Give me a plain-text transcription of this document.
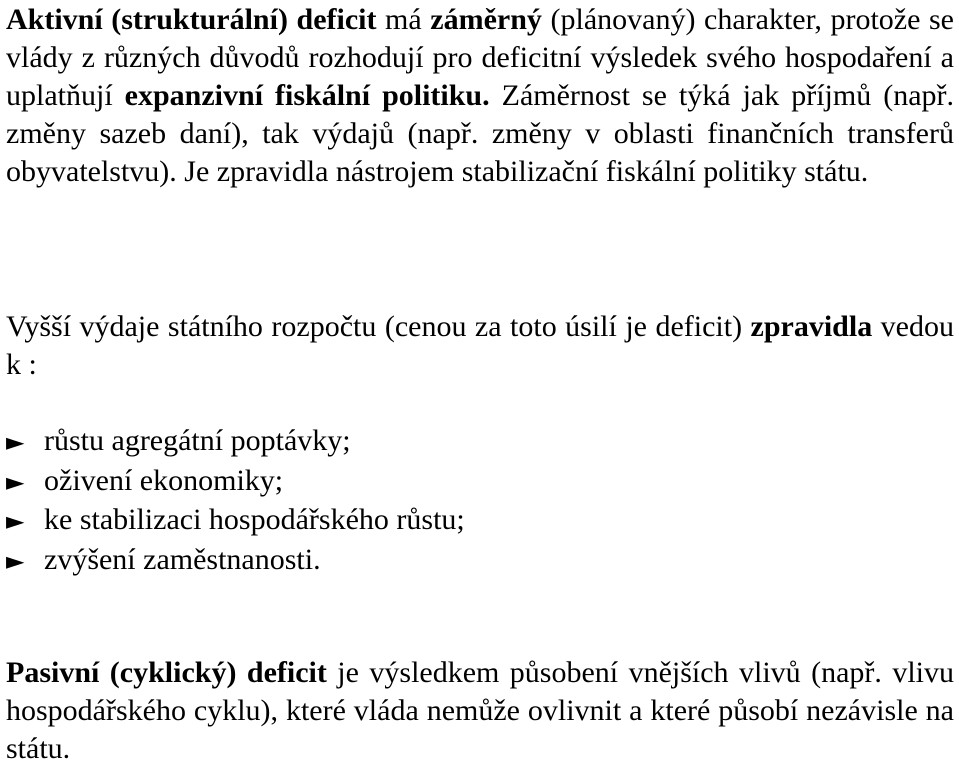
Aktivní (strukturální) deficit má záměrný (plánovaný) charakter, protože se vlády z různých důvodů rozhodují pro deficitní výsledek svého hospodaření a uplatňují expanzivní fiskální politiku. Záměrnost se týká jak příjmů (např. změny sazeb daní), tak výdajů (např. změny v oblasti finančních transferů obyvatelstvu). Je zpravidla nástrojem stabilizační fiskální politiky státu.

Vyšší výdaje státního rozpočtu (cenou za toto úsilí je deficit) zpravidla vedou k :

► růstu agregátní poptávky;
► oživení ekonomiky;
► ke stabilizaci hospodářského růstu;
► zvýšení zaměstnanosti.

Pasivní (cyklický) deficit je výsledkem působení vnějších vlivů (např. vlivu hospodářského cyklu), které vláda nemůže ovlivnit a které působí nezávisle na státu.
